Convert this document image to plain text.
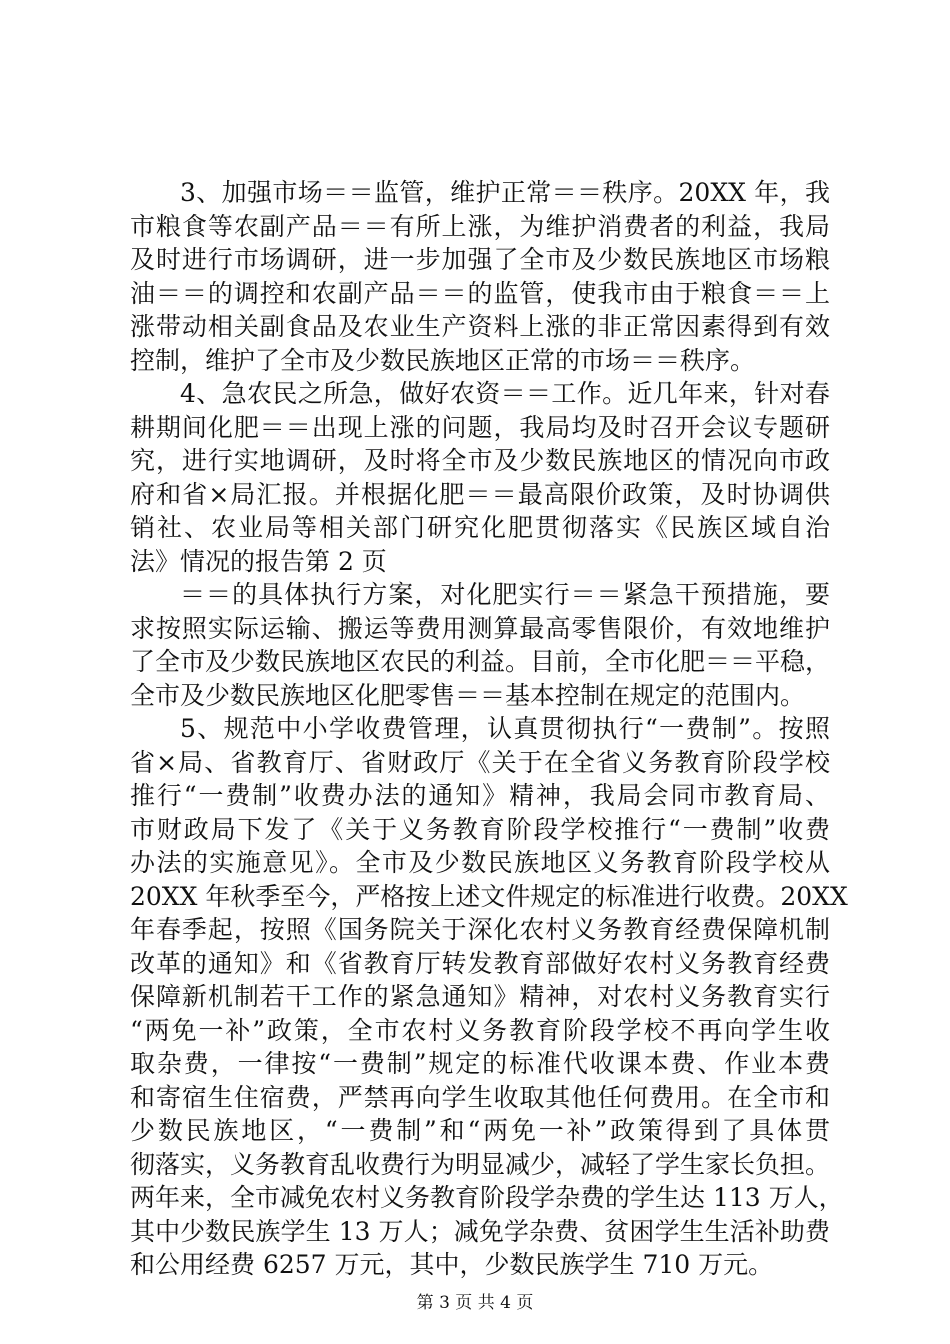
3、加强市场＝＝监管，维护正常＝＝秩序。20XX 年，我
市粮食等农副产品＝＝有所上涨，为维护消费者的利益，我局
及时进行市场调研，进一步加强了全市及少数民族地区市场粮
油＝＝的调控和农副产品＝＝的监管，使我市由于粮食＝＝上
涨带动相关副食品及农业生产资料上涨的非正常因素得到有效
控制，维护了全市及少数民族地区正常的市场＝＝秩序。
4、急农民之所急，做好农资＝＝工作。近几年来，针对春
耕期间化肥＝＝出现上涨的问题，我局均及时召开会议专题研
究，进行实地调研，及时将全市及少数民族地区的情况向市政
府和省×局汇报。并根据化肥＝＝最高限价政策，及时协调供
销社、农业局等相关部门研究化肥贯彻落实《民族区域自治
法》情况的报告第 2 页
＝＝的具体执行方案，对化肥实行＝＝紧急干预措施，要
求按照实际运输、搬运等费用测算最高零售限价，有效地维护
了全市及少数民族地区农民的利益。目前，全市化肥＝＝平稳，
全市及少数民族地区化肥零售＝＝基本控制在规定的范围内。
5、规范中小学收费管理，认真贯彻执行“一费制”。按照
省×局、省教育厅、省财政厅《关于在全省义务教育阶段学校
推行“一费制”收费办法的通知》精神，我局会同市教育局、
市财政局下发了《关于义务教育阶段学校推行“一费制”收费
办法的实施意见》。全市及少数民族地区义务教育阶段学校从
20XX 年秋季至今，严格按上述文件规定的标准进行收费。20XX
年春季起，按照《国务院关于深化农村义务教育经费保障机制
改革的通知》和《省教育厅转发教育部做好农村义务教育经费
保障新机制若干工作的紧急通知》精神，对农村义务教育实行
“两免一补”政策，全市农村义务教育阶段学校不再向学生收
取杂费，一律按“一费制”规定的标准代收课本费、作业本费
和寄宿生住宿费，严禁再向学生收取其他任何费用。在全市和
少数民族地区，“一费制”和“两免一补”政策得到了具体贯
彻落实，义务教育乱收费行为明显减少，减轻了学生家长负担。
两年来，全市减免农村义务教育阶段学杂费的学生达 113 万人，
其中少数民族学生 13 万人；减免学杂费、贫困学生生活补助费
和公用经费 6257 万元，其中，少数民族学生 710 万元。
第 3 页 共 4 页
